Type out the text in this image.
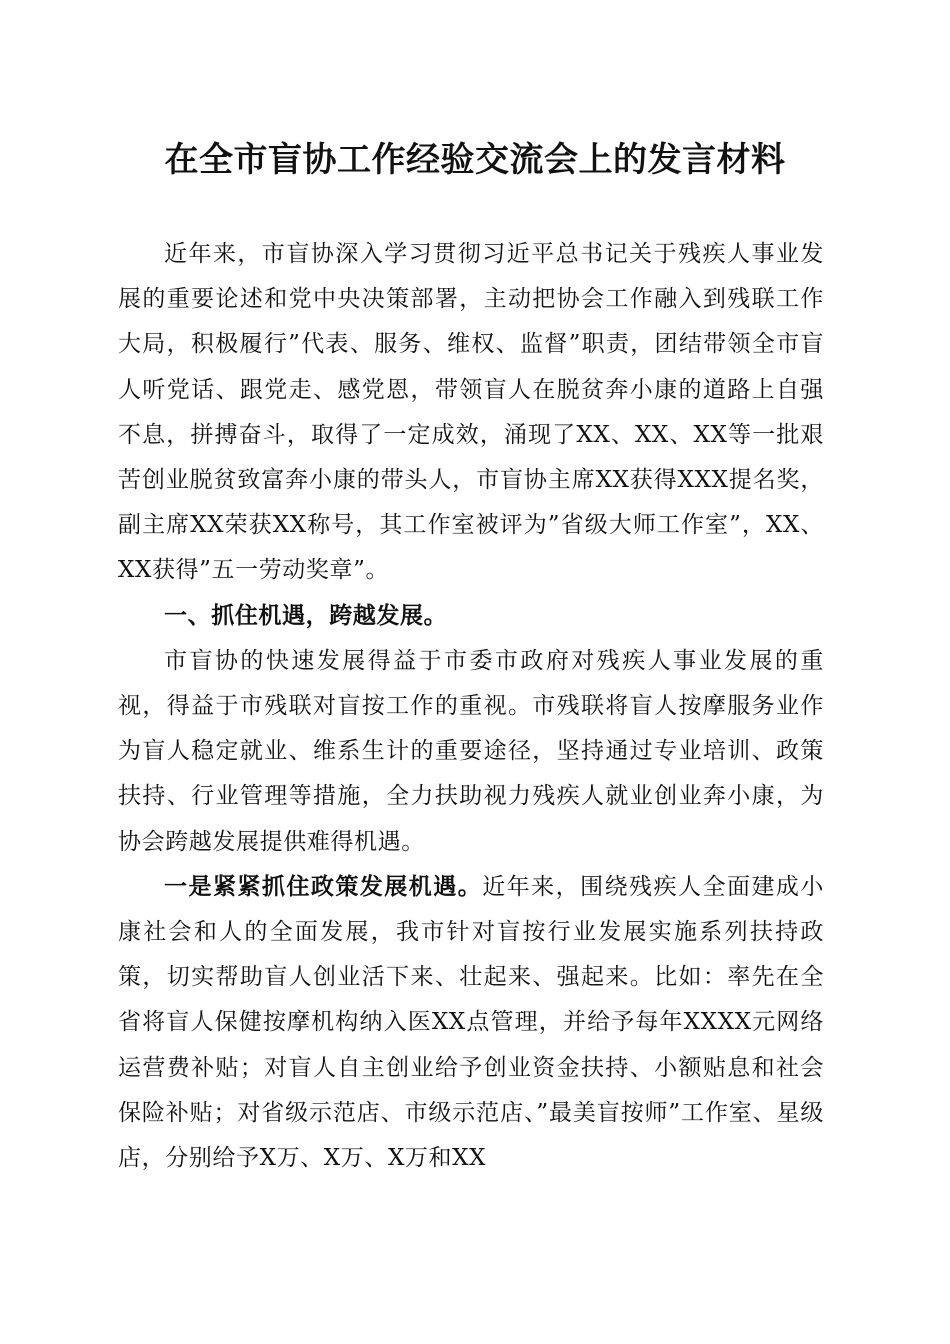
在全市盲协工作经验交流会上的发言材料

近年来，市盲协深入学习贯彻习近平总书记关于残疾人事业发展的重要论述和党中央决策部署，主动把协会工作融入到残联工作大局，积极履行”代表、服务、维权、监督”职责，团结带领全市盲人听党话、跟党走、感党恩，带领盲人在脱贫奔小康的道路上自强不息，拼搏奋斗，取得了一定成效，涌现了XX、XX、XX等一批艰苦创业脱贫致富奔小康的带头人，市盲协主席XX获得XXX提名奖，副主席XX荣获XX称号，其工作室被评为”省级大师工作室”，XX、XX获得”五一劳动奖章”。

一、抓住机遇，跨越发展。

市盲协的快速发展得益于市委市政府对残疾人事业发展的重视，得益于市残联对盲按工作的重视。市残联将盲人按摩服务业作为盲人稳定就业、维系生计的重要途径，坚持通过专业培训、政策扶持、行业管理等措施，全力扶助视力残疾人就业创业奔小康，为协会跨越发展提供难得机遇。

一是紧紧抓住政策发展机遇。近年来，围绕残疾人全面建成小康社会和人的全面发展，我市针对盲按行业发展实施系列扶持政策，切实帮助盲人创业活下来、壮起来、强起来。比如：率先在全省将盲人保健按摩机构纳入医XX点管理，并给予每年XXXX元网络运营费补贴；对盲人自主创业给予创业资金扶持、小额贴息和社会保险补贴；对省级示范店、市级示范店、”最美盲按师”工作室、星级店，分别给予X万、X万、X万和XX
